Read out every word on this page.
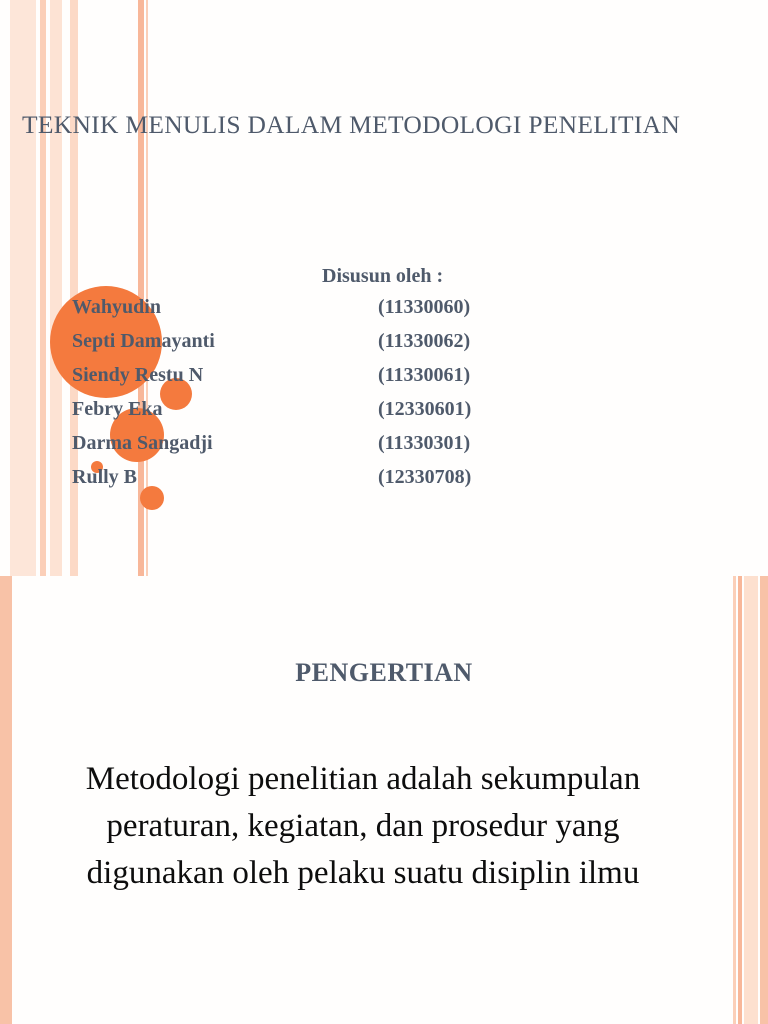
TEKNIK MENULIS DALAM METODOLOGI PENELITIAN
Disusun oleh :
Wahyudin	(11330060)
Septi Damayanti	(11330062)
Siendy Restu N	(11330061)
Febry Eka	(12330601)
Darma Sangadji	(11330301)
Rully B	(12330708)
PENGERTIAN
Metodologi penelitian adalah sekumpulan peraturan, kegiatan, dan prosedur yang digunakan oleh pelaku suatu disiplin ilmu
